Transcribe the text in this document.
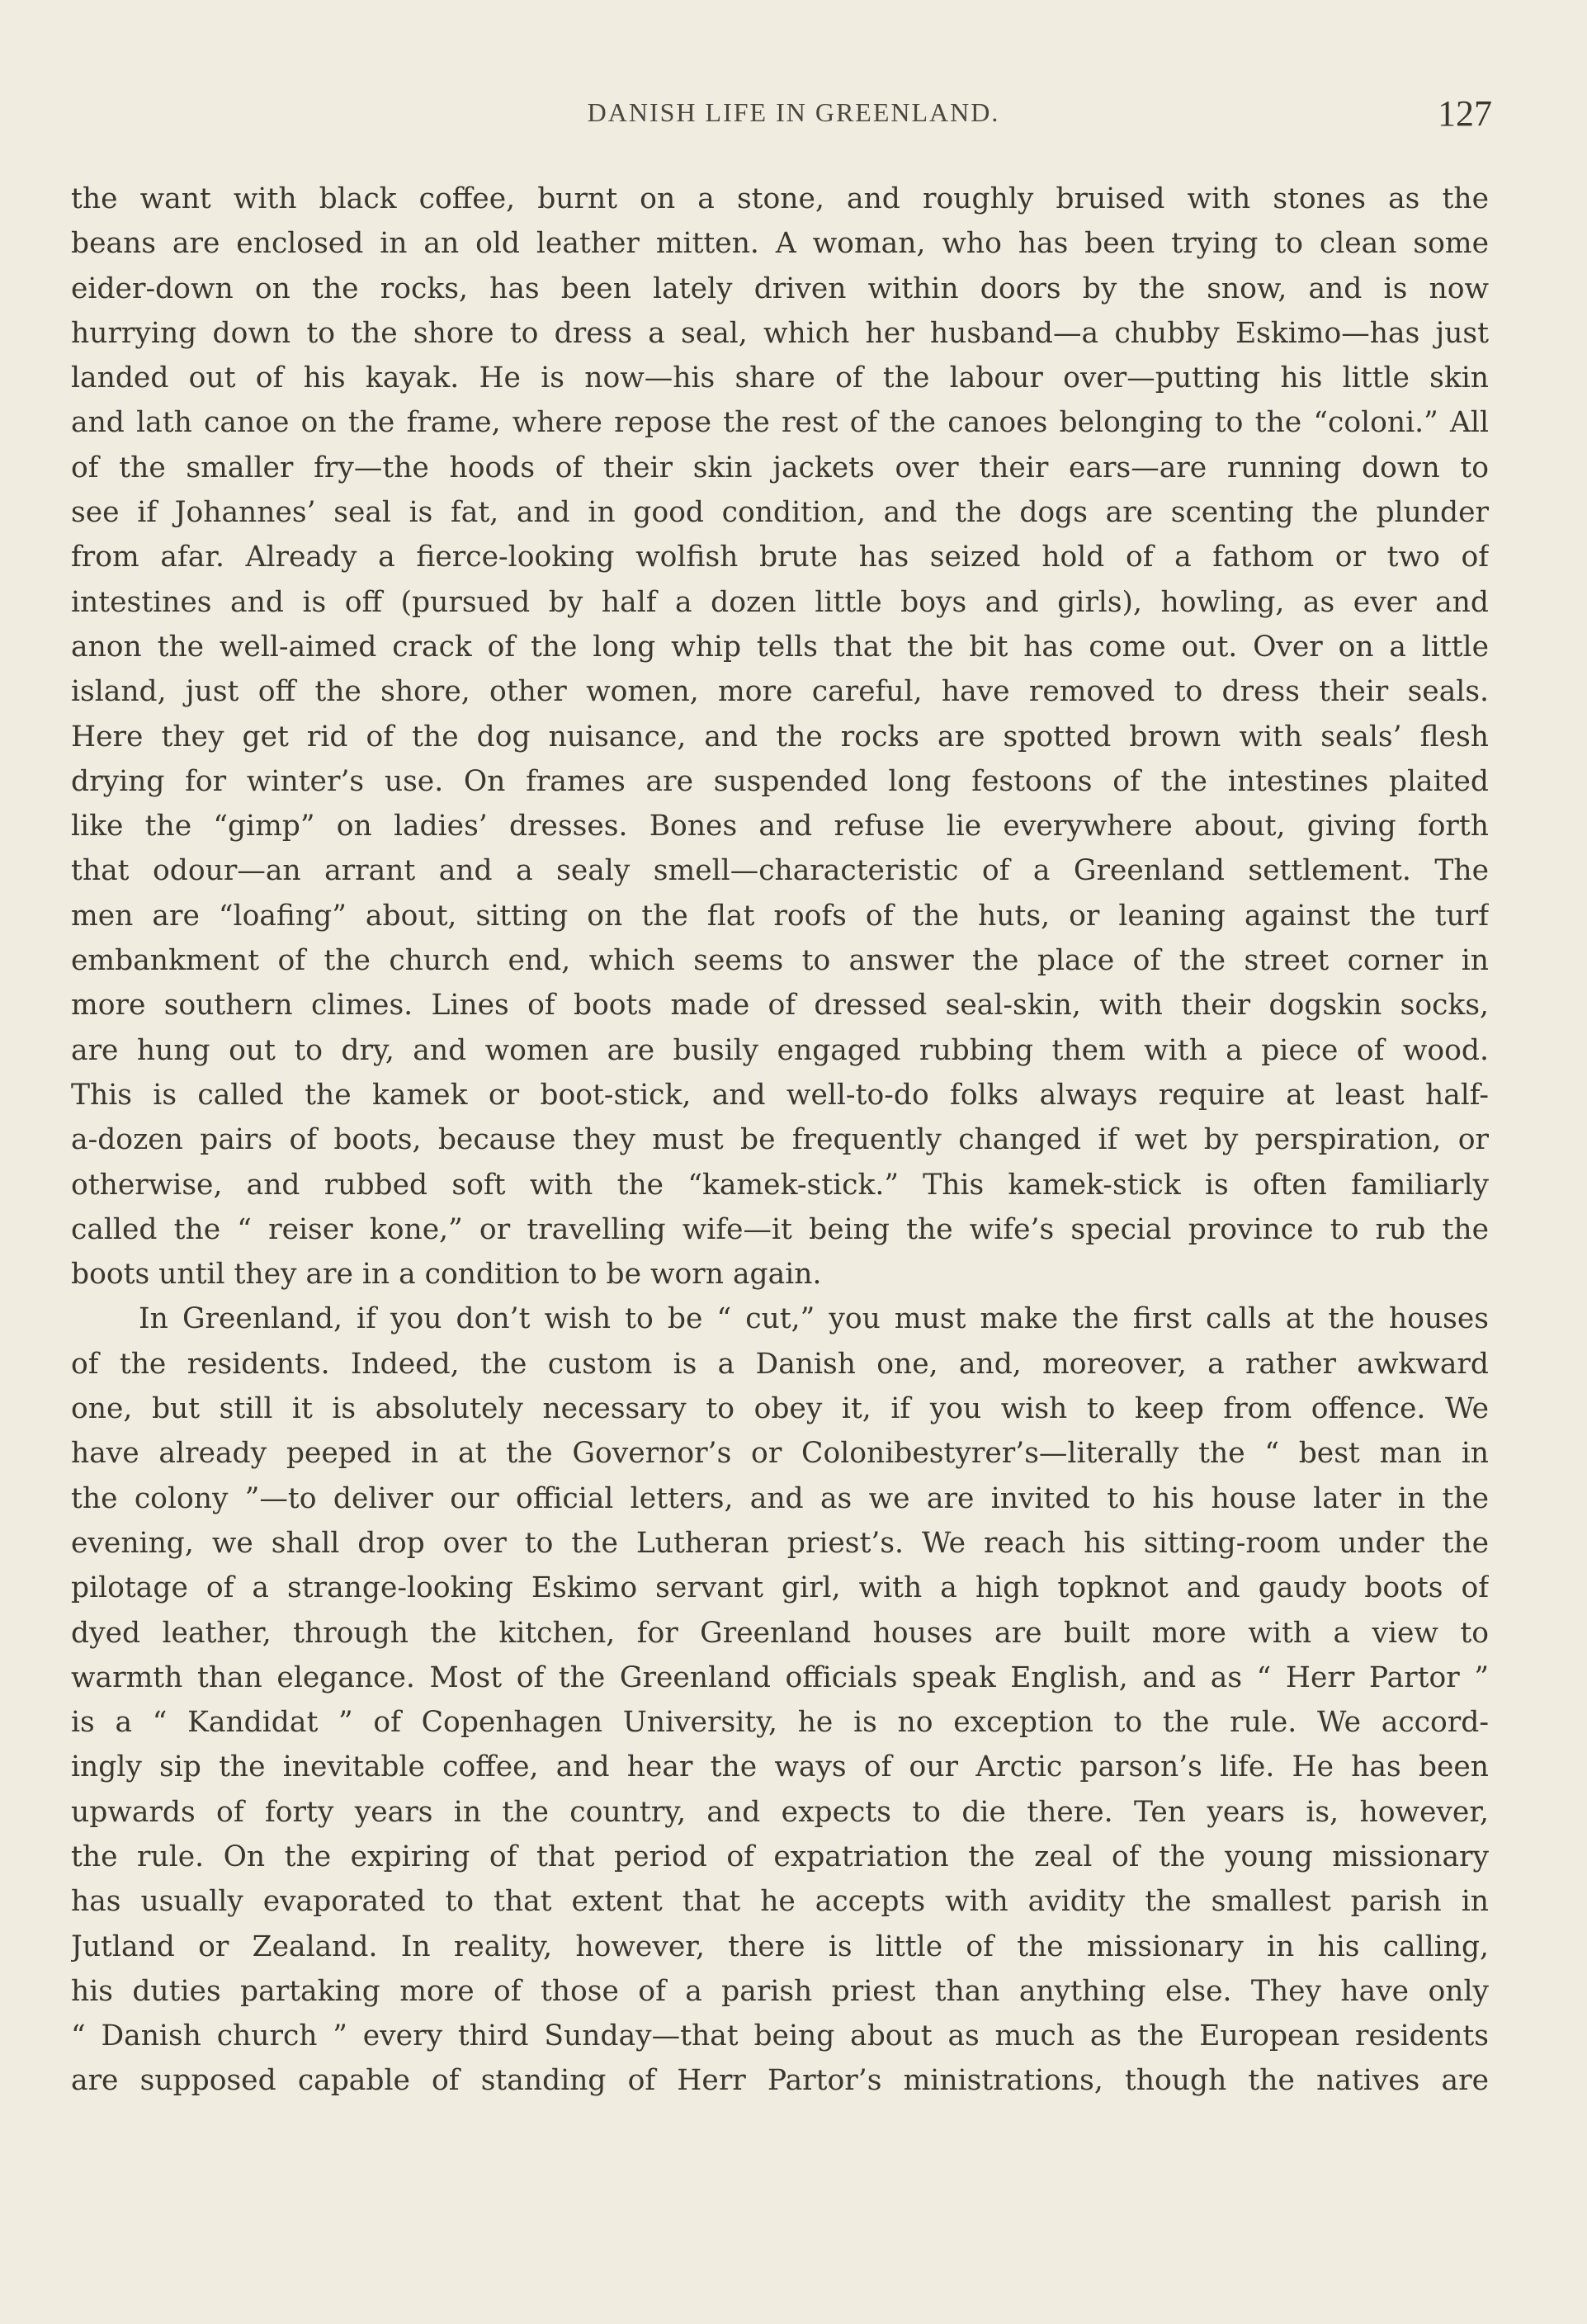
DANISH LIFE IN GREENLAND.	127
the want with black coffee, burnt on a stone, and roughly bruised with stones as the
beans are enclosed in an old leather mitten. A woman, who has been trying to clean some
eider-down on the rocks, has been lately driven within doors by the snow, and is now
hurrying down to the shore to dress a seal, which her husband—a chubby Eskimo—has just
landed out of his kayak. He is now—his share of the labour over—putting his little skin
and lath canoe on the frame, where repose the rest of the canoes belonging to the “coloni.” All
of the smaller fry—the hoods of their skin jackets over their ears—are running down to
see if Johannes’ seal is fat, and in good condition, and the dogs are scenting the plunder
from afar. Already a fierce-looking wolfish brute has seized hold of a fathom or two of
intestines and is off (pursued by half a dozen little boys and girls), howling, as ever and
anon the well-aimed crack of the long whip tells that the bit has come out. Over on a little
island, just off the shore, other women, more careful, have removed to dress their seals.
Here they get rid of the dog nuisance, and the rocks are spotted brown with seals’ flesh
drying for winter’s use. On frames are suspended long festoons of the intestines plaited
like the “gimp” on ladies’ dresses. Bones and refuse lie everywhere about, giving forth
that odour—an arrant and a sealy smell—characteristic of a Greenland settlement. The
men are “loafing” about, sitting on the flat roofs of the huts, or leaning against the turf
embankment of the church end, which seems to answer the place of the street corner in
more southern climes. Lines of boots made of dressed seal-skin, with their dogskin socks,
are hung out to dry, and women are busily engaged rubbing them with a piece of wood.
This is called the kamek or boot-stick, and well-to-do folks always require at least half-
a-dozen pairs of boots, because they must be frequently changed if wet by perspiration, or
otherwise, and rubbed soft with the “kamek-stick.” This kamek-stick is often familiarly
called the “ reiser kone,” or travelling wife—it being the wife’s special province to rub the
boots until they are in a condition to be worn again.
In Greenland, if you don’t wish to be “ cut,” you must make the first calls at the houses
of the residents. Indeed, the custom is a Danish one, and, moreover, a rather awkward
one, but still it is absolutely necessary to obey it, if you wish to keep from offence. We
have already peeped in at the Governor’s or Colonibestyrer’s—literally the “ best man in
the colony ”—to deliver our official letters, and as we are invited to his house later in the
evening, we shall drop over to the Lutheran priest’s. We reach his sitting-room under the
pilotage of a strange-looking Eskimo servant girl, with a high topknot and gaudy boots of
dyed leather, through the kitchen, for Greenland houses are built more with a view to
warmth than elegance. Most of the Greenland officials speak English, and as “ Herr Partor ”
is a “ Kandidat ” of Copenhagen University, he is no exception to the rule. We accord-
ingly sip the inevitable coffee, and hear the ways of our Arctic parson’s life. He has been
upwards of forty years in the country, and expects to die there. Ten years is, however,
the rule. On the expiring of that period of expatriation the zeal of the young missionary
has usually evaporated to that extent that he accepts with avidity the smallest parish in
Jutland or Zealand. In reality, however, there is little of the missionary in his calling,
his duties partaking more of those of a parish priest than anything else. They have only
“ Danish church ” every third Sunday—that being about as much as the European residents
are supposed capable of standing of Herr Partor’s ministrations, though the natives are
